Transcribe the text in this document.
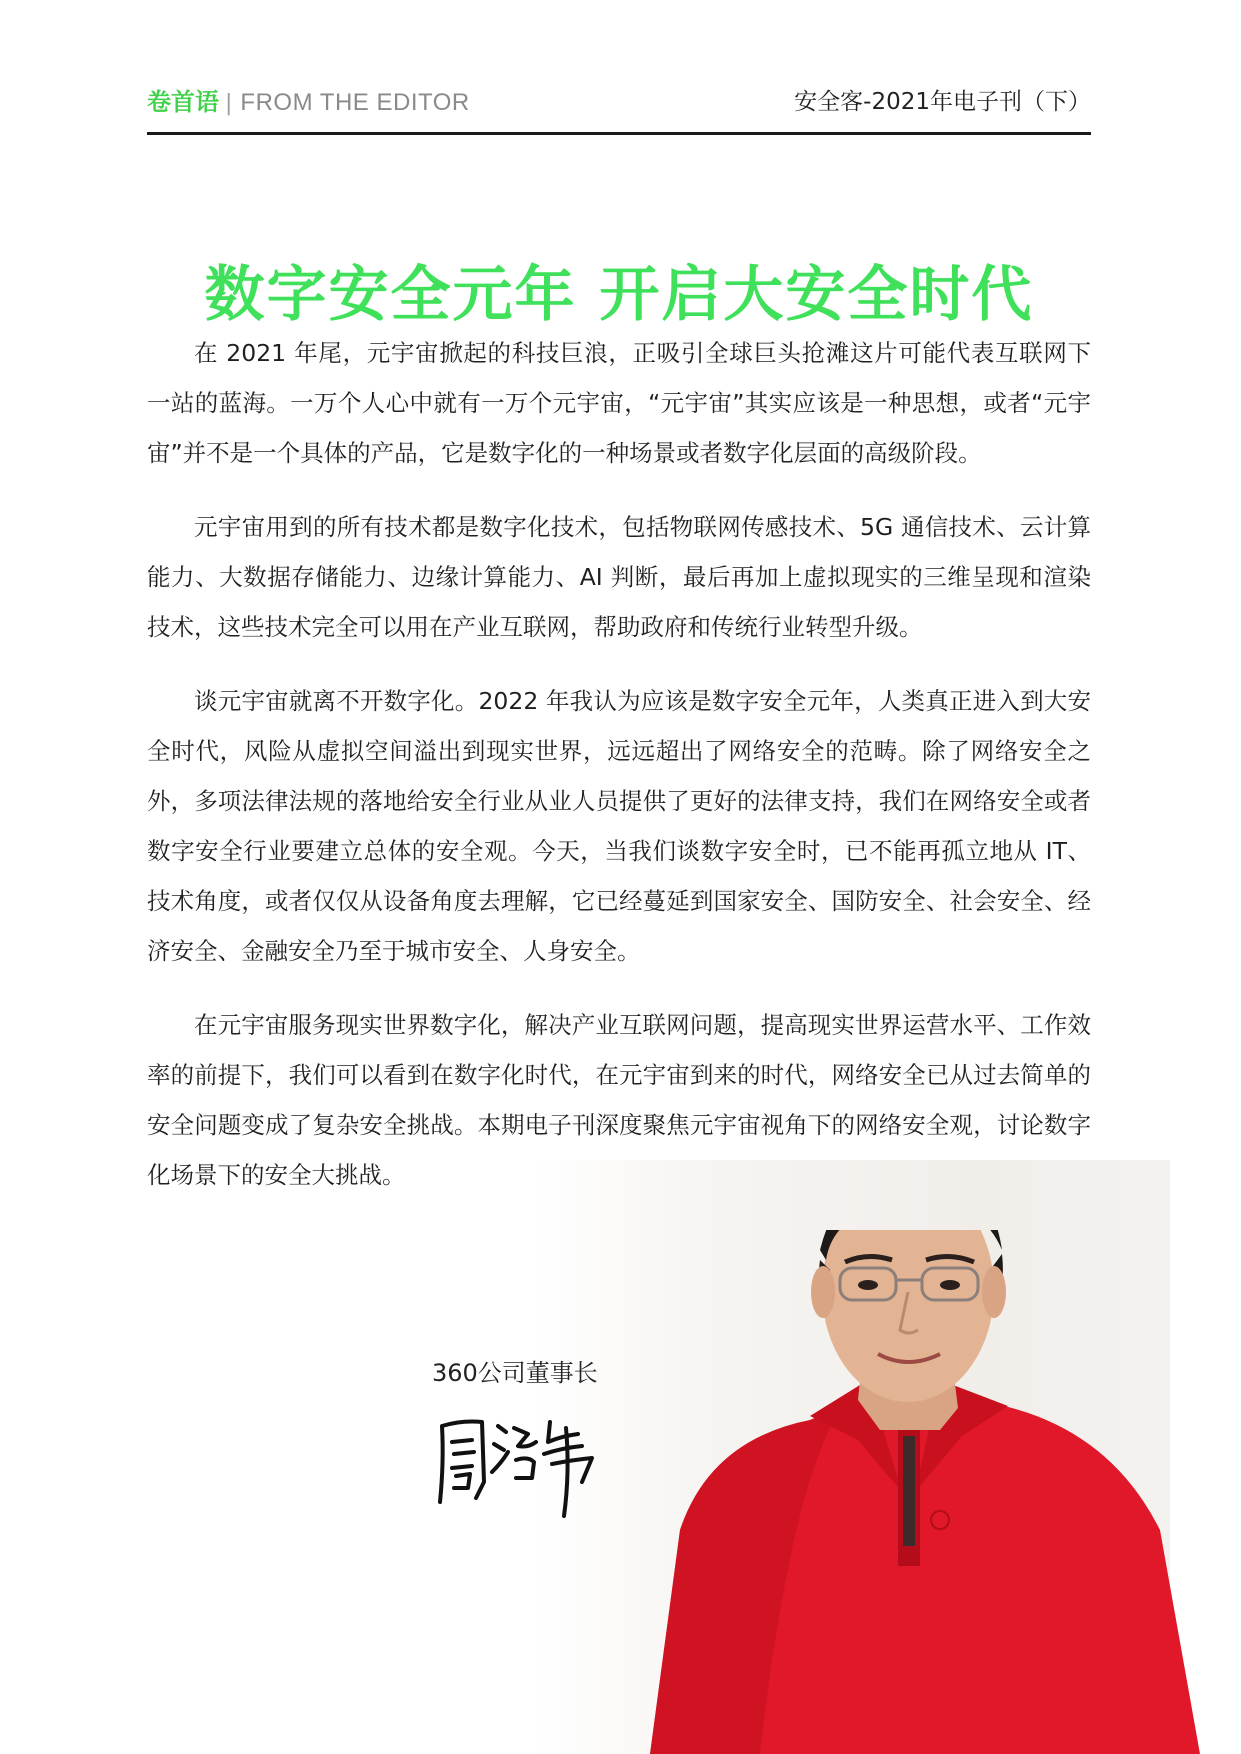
卷首语 | FROM THE EDITOR	安全客-2021年电子刊（下）
数字安全元年 开启大安全时代

在 2021 年尾，元宇宙掀起的科技巨浪，正吸引全球巨头抢滩这片可能代表互联网下一站的蓝海。一万个人心中就有一万个元宇宙，“元宇宙”其实应该是一种思想，或者“元宇宙”并不是一个具体的产品，它是数字化的一种场景或者数字化层面的高级阶段。

元宇宙用到的所有技术都是数字化技术，包括物联网传感技术、5G 通信技术、云计算能力、大数据存储能力、边缘计算能力、AI 判断，最后再加上虚拟现实的三维呈现和渲染技术，这些技术完全可以用在产业互联网，帮助政府和传统行业转型升级。

谈元宇宙就离不开数字化。2022 年我认为应该是数字安全元年，人类真正进入到大安全时代，风险从虚拟空间溢出到现实世界，远远超出了网络安全的范畴。除了网络安全之外，多项法律法规的落地给安全行业从业人员提供了更好的法律支持，我们在网络安全或者数字安全行业要建立总体的安全观。今天，当我们谈数字安全时，已不能再孤立地从 IT、技术角度，或者仅仅从设备角度去理解，它已经蔓延到国家安全、国防安全、社会安全、经济安全、金融安全乃至于城市安全、人身安全。

在元宇宙服务现实世界数字化，解决产业互联网问题，提高现实世界运营水平、工作效率的前提下，我们可以看到在数字化时代，在元宇宙到来的时代，网络安全已从过去简单的安全问题变成了复杂安全挑战。本期电子刊深度聚焦元宇宙视角下的网络安全观，讨论数字化场景下的安全大挑战。

360公司董事长
